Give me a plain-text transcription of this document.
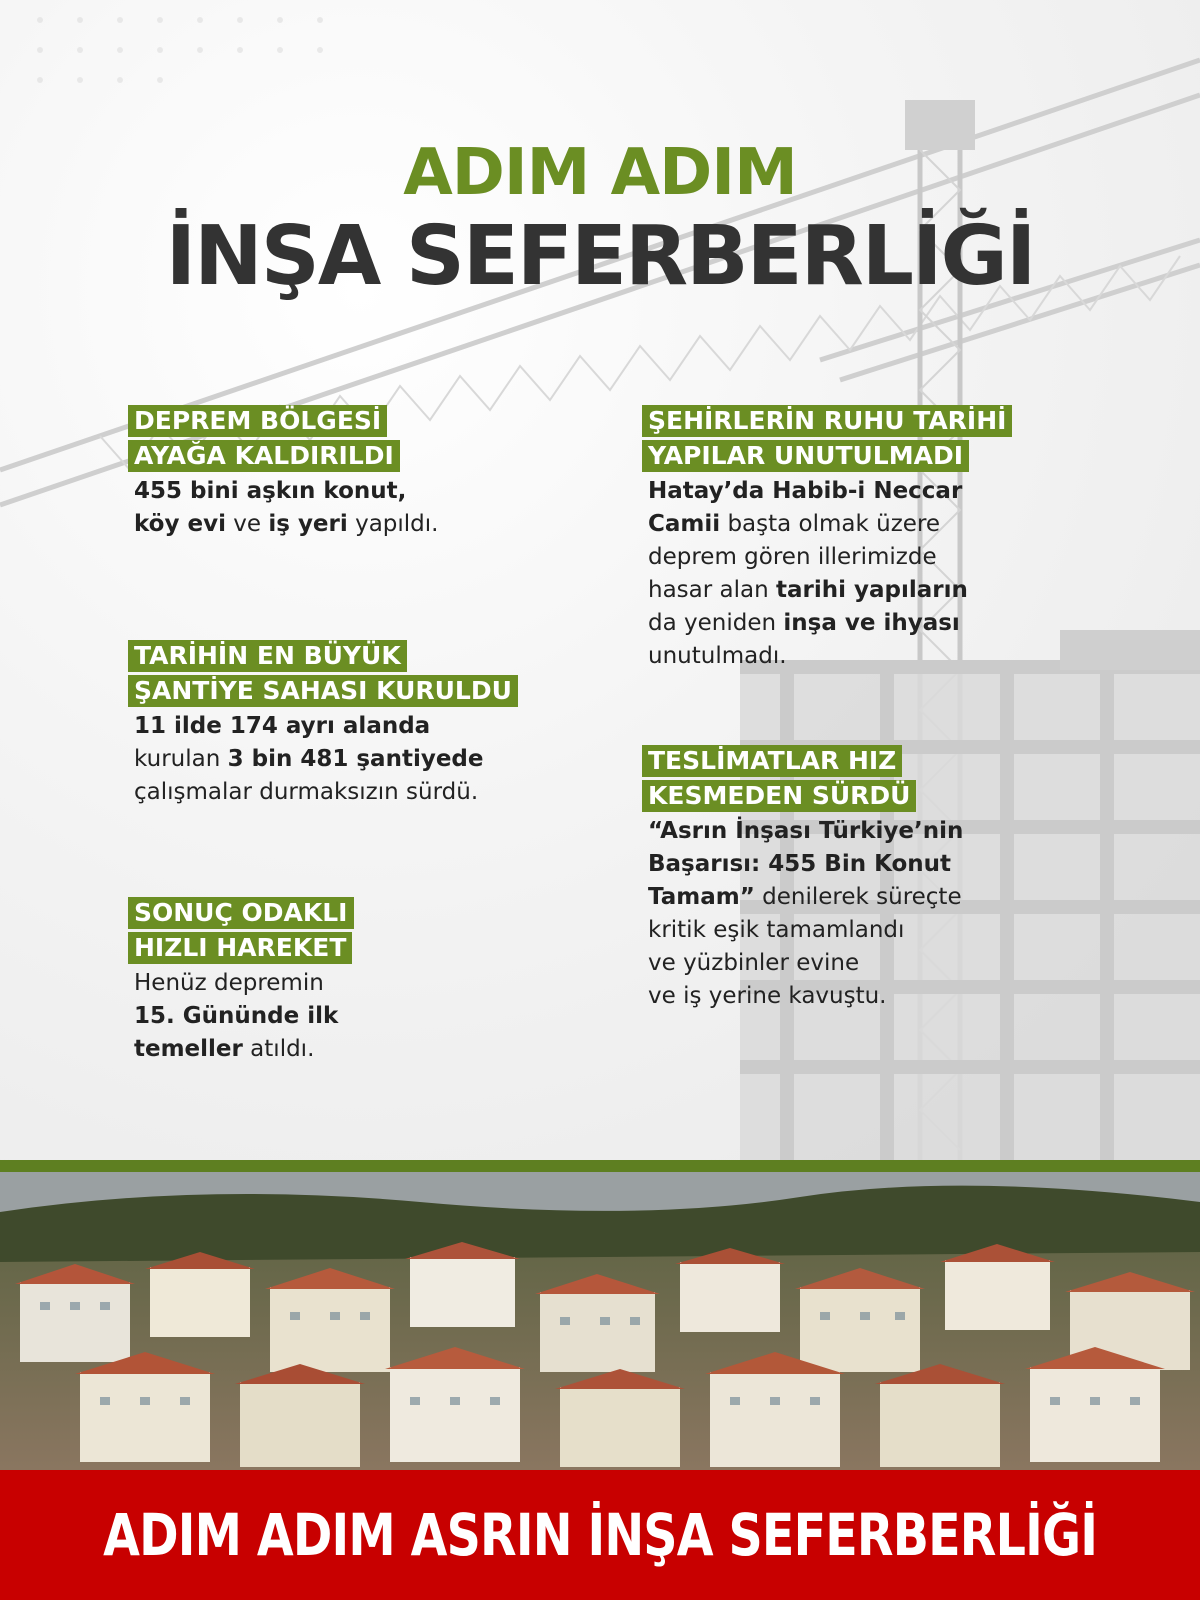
ADIM ADIM
İNŞA SEFERBERLİĞİ
DEPREM BÖLGESİ
AYAĞA KALDIRILDI
455 bini aşkın konut,
köy evi ve iş yeri yapıldı.
TARİHİN EN BÜYÜK
ŞANTİYE SAHASI KURULDU
11 ilde 174 ayrı alanda
kurulan 3 bin 481 şantiyede
çalışmalar durmaksızın sürdü.
SONUÇ ODAKLI
HIZLI HAREKET
Henüz depremin
15. Gününde ilk
temeller atıldı.
ŞEHİRLERİN RUHU TARİHİ
YAPILAR UNUTULMADI
Hatay’da Habib-i Neccar
Camii başta olmak üzere
deprem gören illerimizde
hasar alan tarihi yapıların
da yeniden inşa ve ihyası
unutulmadı.
TESLİMATLAR HIZ
KESMEDEN SÜRDÜ
“Asrın İnşası Türkiye’nin
Başarısı: 455 Bin Konut
Tamam” denilerek süreçte
kritik eşik tamamlandı
ve yüzbinler evine
ve iş yerine kavuştu.
ADIM ADIM ASRIN İNŞA SEFERBERLİĞİ
